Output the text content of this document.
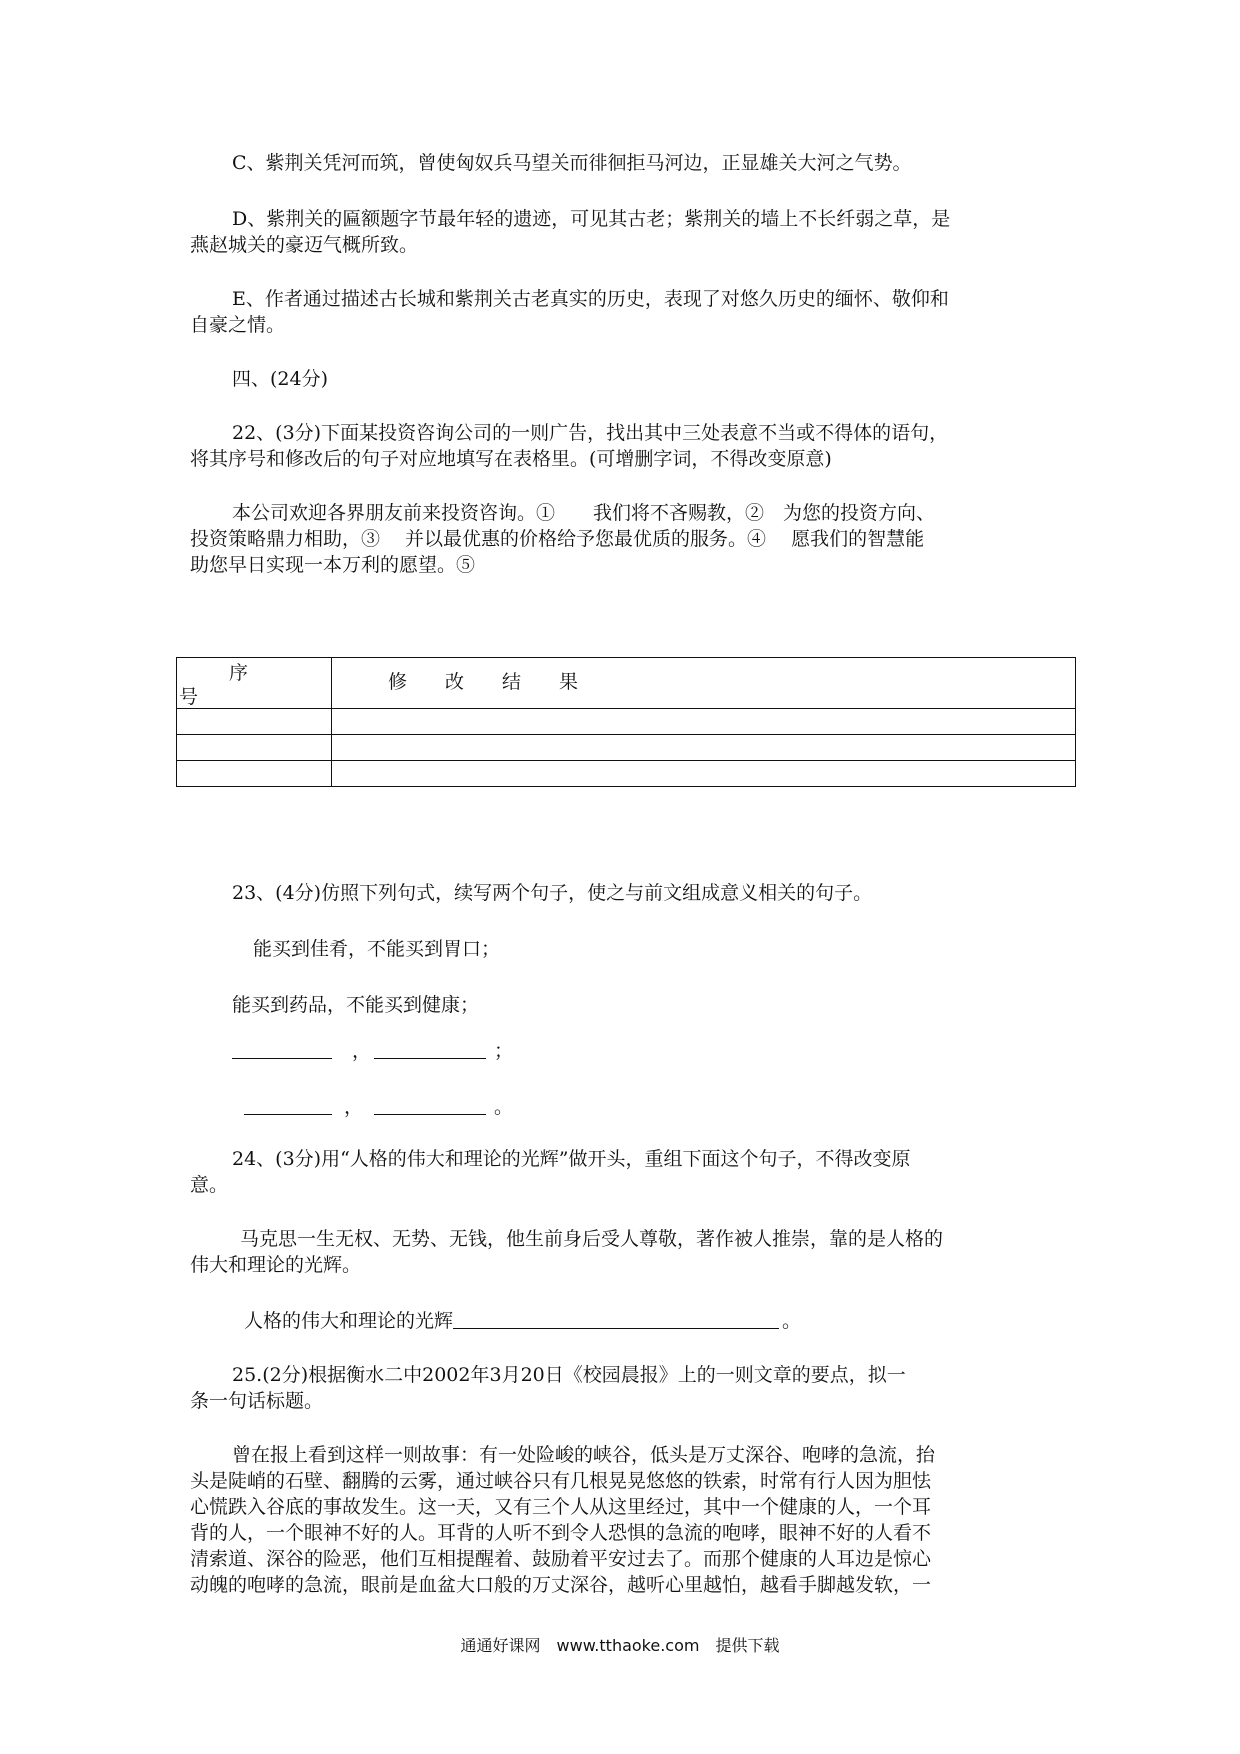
C、紫荆关凭河而筑，曾使匈奴兵马望关而徘徊拒马河边，正显雄关大河之气势。
D、紫荆关的匾额题字节最年轻的遗迹，可见其古老；紫荆关的墙上不长纤弱之草，是
燕赵城关的豪迈气概所致。
E、作者通过描述古长城和紫荆关古老真实的历史，表现了对悠久历史的缅怀、敬仰和
自豪之情。
四、(24分)
22、(3分)下面某投资咨询公司的一则广告，找出其中三处表意不当或不得体的语句，
将其序号和修改后的句子对应地填写在表格里。(可增删字词，不得改变原意)
本公司欢迎各界朋友前来投资咨询。①　　我们将不吝赐教，②　为您的投资方向、
投资策略鼎力相助，③　 并以最优惠的价格给予您最优质的服务。④　 愿我们的智慧能
助您早日实现一本万利的愿望。⑤
序
号	修　　改　　结　　果

23、(4分)仿照下列句式，续写两个句子，使之与前文组成意义相关的句子。
能买到佳肴，不能买到胃口；
能买到药品，不能买到健康；
，	；
，	。
24、(3分)用“人格的伟大和理论的光辉”做开头，重组下面这个句子，不得改变原
意。
马克思一生无权、无势、无钱，他生前身后受人尊敬，著作被人推崇，靠的是人格的
伟大和理论的光辉。
人格的伟大和理论的光辉	。
25.(2分)根据衡水二中2002年3月20日《校园晨报》上的一则文章的要点，拟一
条一句话标题。
曾在报上看到这样一则故事：有一处险峻的峡谷，低头是万丈深谷、咆哮的急流，抬
头是陡峭的石壁、翻腾的云雾，通过峡谷只有几根晃晃悠悠的铁索，时常有行人因为胆怯
心慌跌入谷底的事故发生。这一天，又有三个人从这里经过，其中一个健康的人，一个耳
背的人，一个眼神不好的人。耳背的人听不到令人恐惧的急流的咆哮，眼神不好的人看不
清索道、深谷的险恶，他们互相提醒着、鼓励着平安过去了。而那个健康的人耳边是惊心
动魄的咆哮的急流，眼前是血盆大口般的万丈深谷，越听心里越怕，越看手脚越发软，一
通通好课网　www.tthaoke.com　提供下载
